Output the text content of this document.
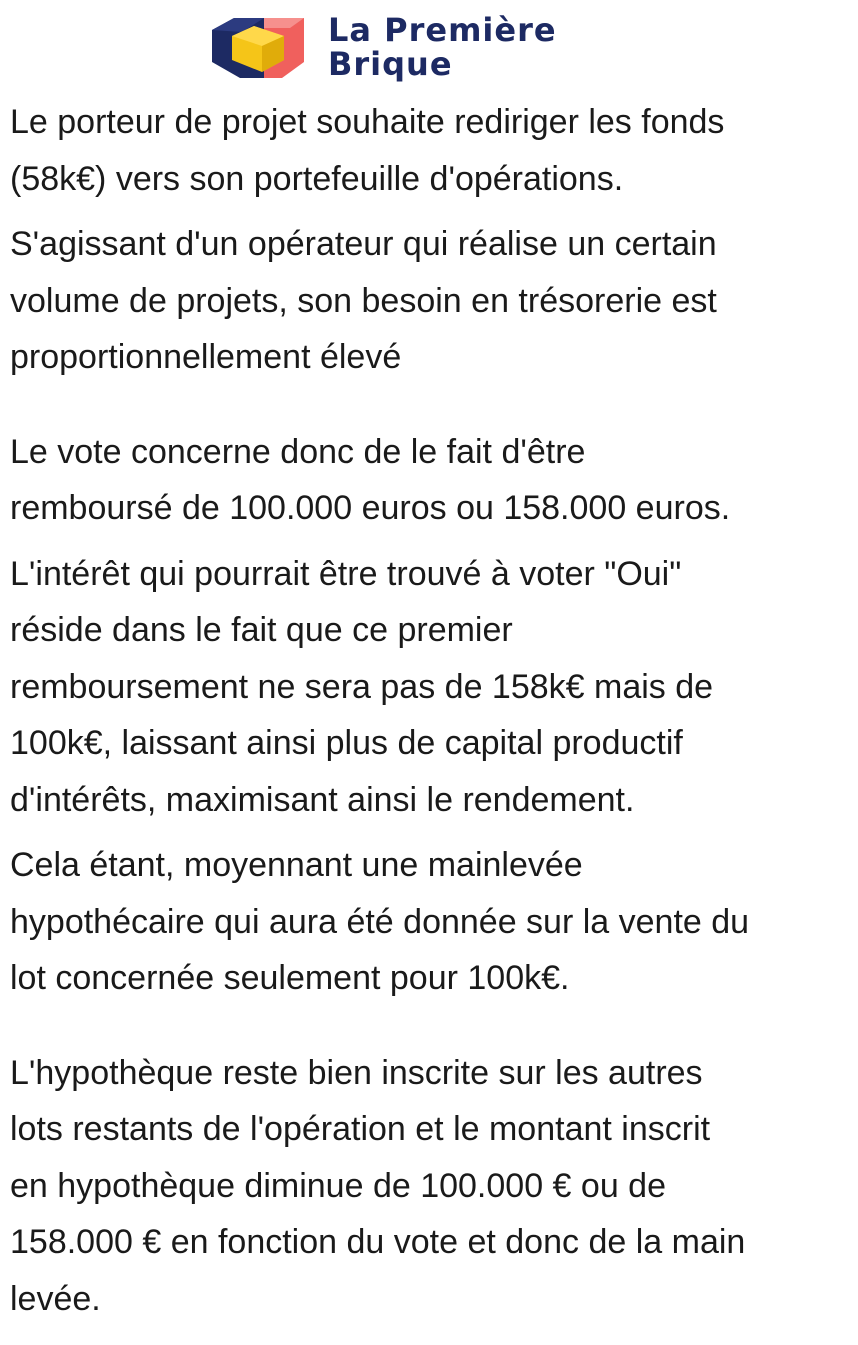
La Première
Brique

Le porteur de projet souhaite rediriger les fonds
(58k€) vers son portefeuille d'opérations.

S'agissant d'un opérateur qui réalise un certain
volume de projets, son besoin en trésorerie est
proportionnellement élevé

Le vote concerne donc de le fait d'être
remboursé de 100.000 euros ou 158.000 euros.

L'intérêt qui pourrait être trouvé à voter "Oui"
réside dans le fait que ce premier
remboursement ne sera pas de 158k€ mais de
100k€, laissant ainsi plus de capital productif
d'intérêts, maximisant ainsi le rendement.

Cela étant, moyennant une mainlevée
hypothécaire qui aura été donnée sur la vente du
lot concernée seulement pour 100k€.

L'hypothèque reste bien inscrite sur les autres
lots restants de l'opération et le montant inscrit
en hypothèque diminue de 100.000 € ou de
158.000 € en fonction du vote et donc de la main
levée.
